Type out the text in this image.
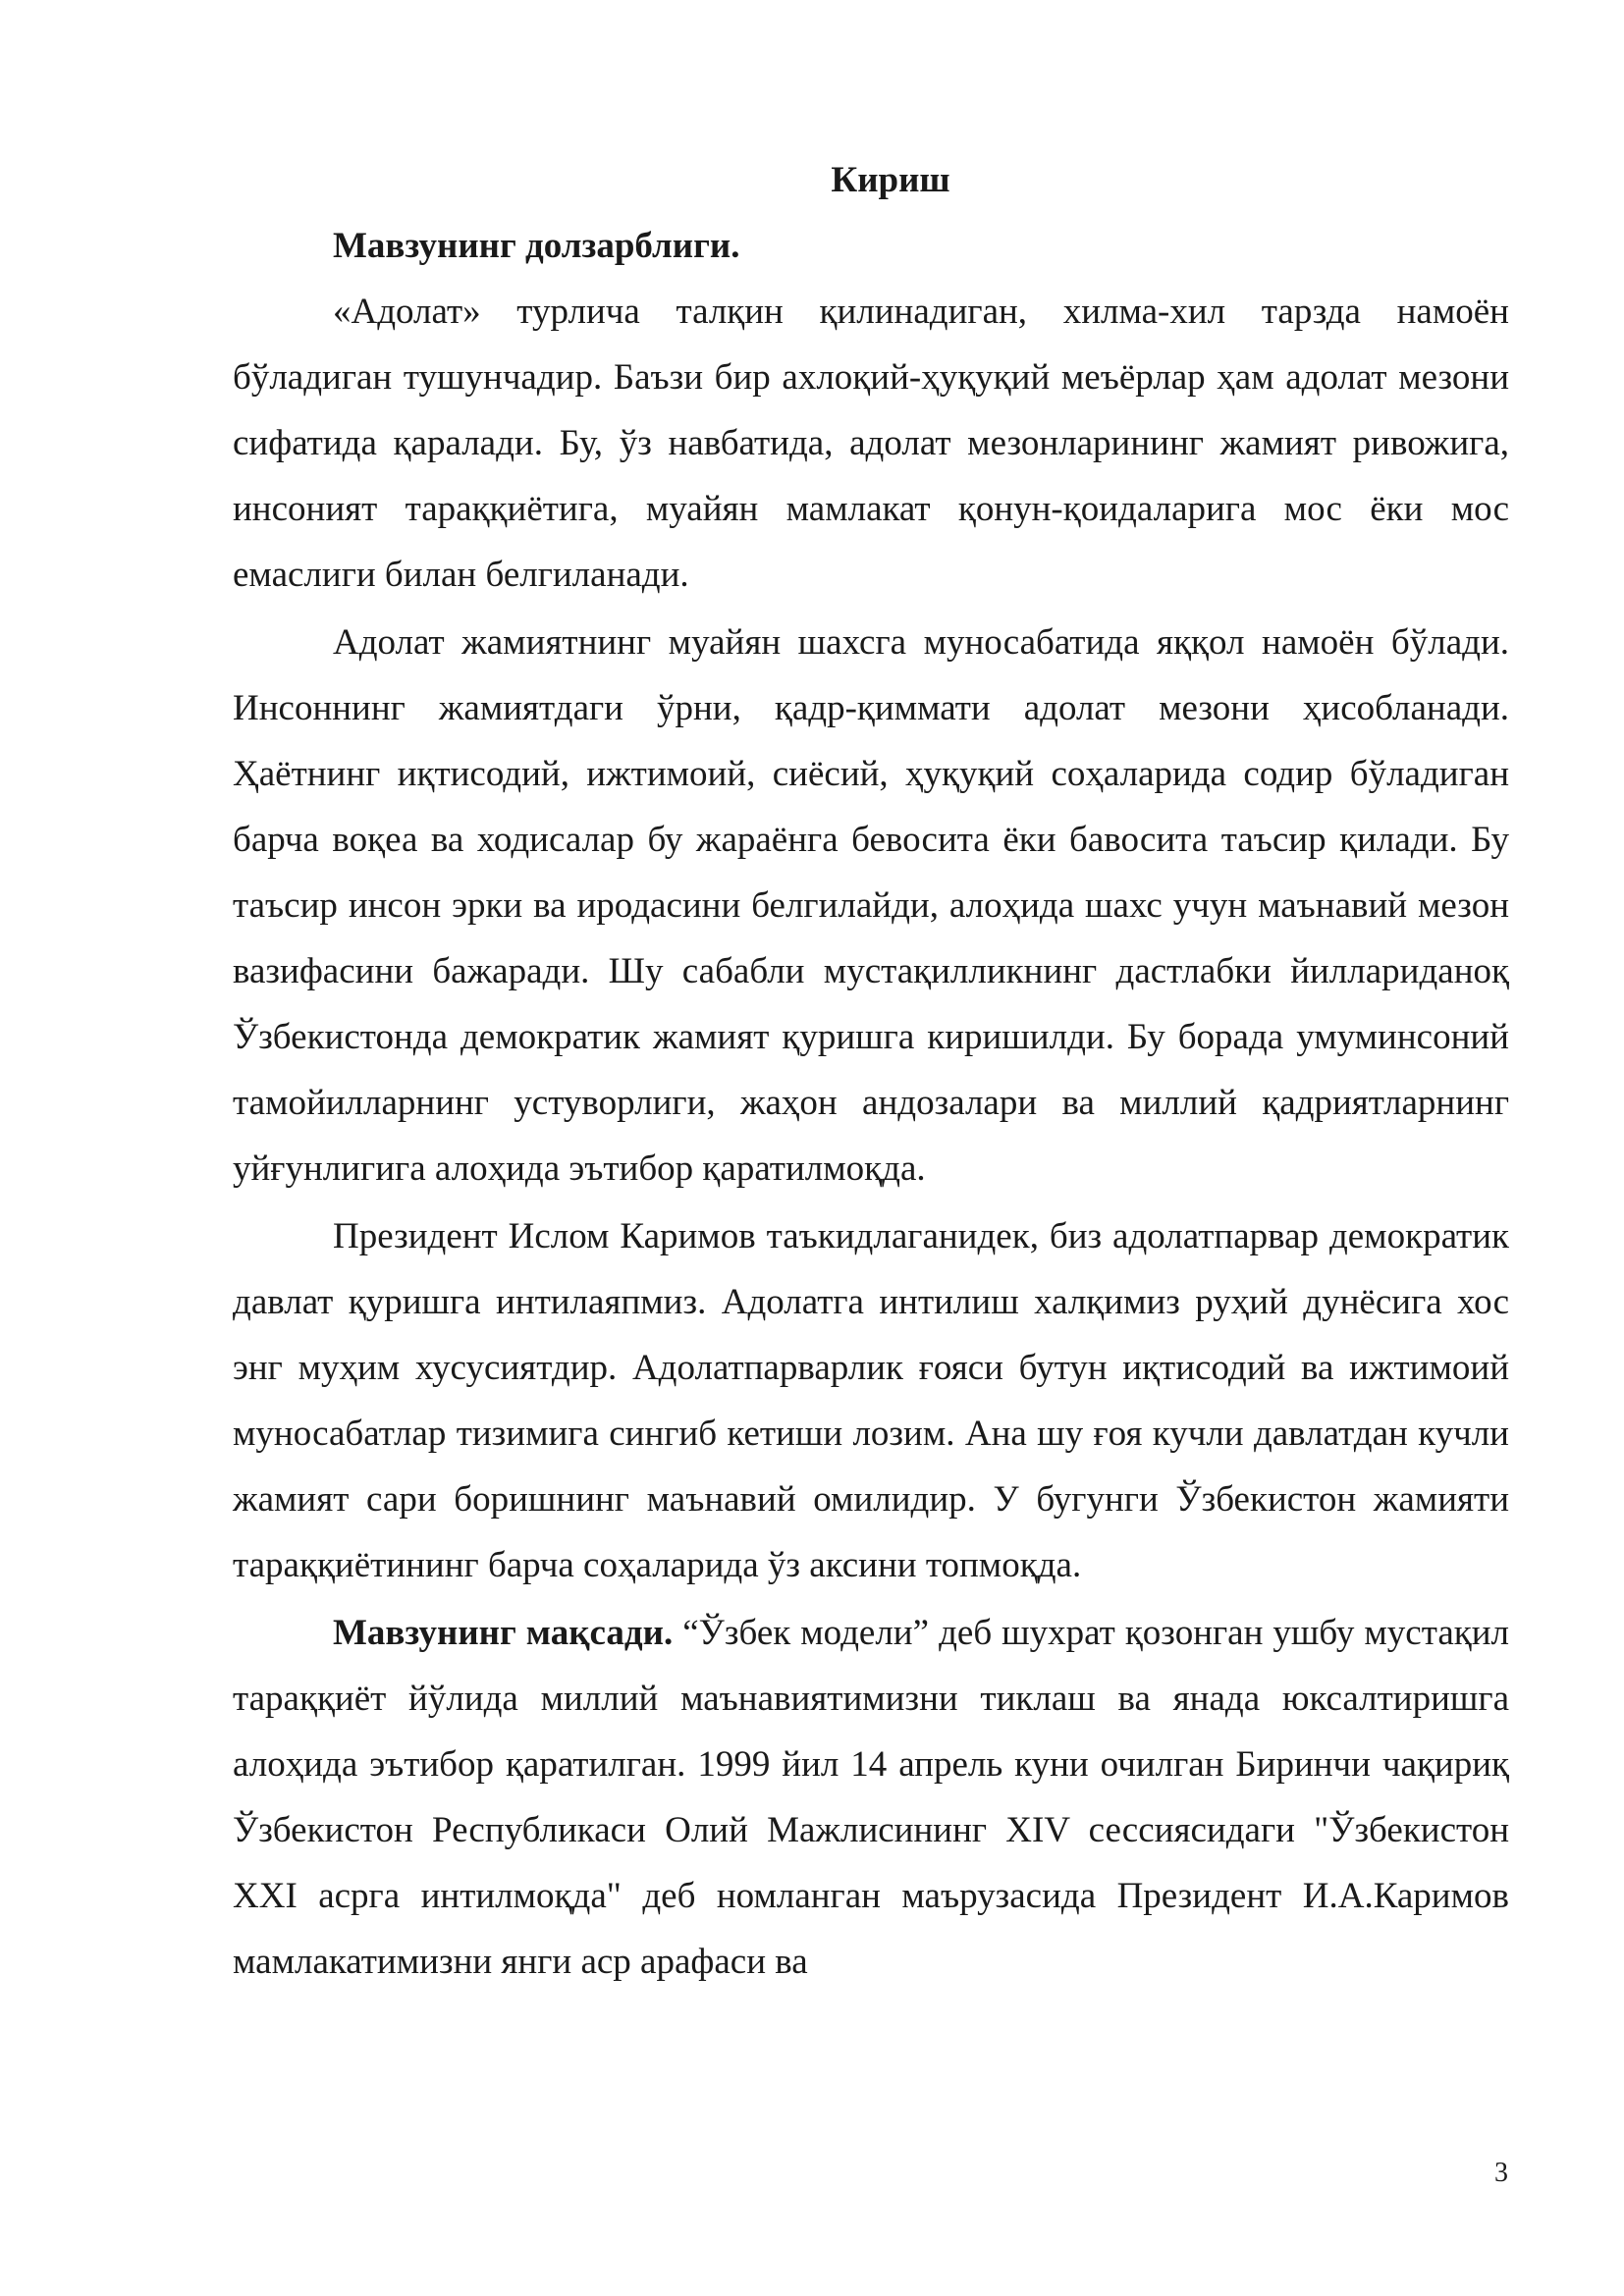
Кириш

Мавзунинг долзарблиги.

«Адолат» турлича талқин қилинадиган, хилма-хил тарзда намоён бўладиган тушунчадир. Баъзи бир ахлоқий-ҳуқуқий меъёрлар ҳам адолат мезони сифатида қаралади. Бу, ўз навбатида, адолат мезонларининг жамият ривожига, инсоният тараққиётига, муайян мамлакат қонун-қоидаларига мос ёки мос емаслиги билан белгиланади.

Адолат жамиятнинг муайян шахсга муносабатида яққол намоён бўлади. Инсоннинг жамиятдаги ўрни, қадр-қиммати адолат мезони ҳисобланади. Ҳаётнинг иқтисодий, ижтимоий, сиёсий, ҳуқуқий соҳаларида содир бўладиган барча воқеа ва ходисалар бу жараёнга бевосита ёки бавосита таъсир қилади. Бу таъсир инсон эрки ва иродасини белгилайди, алоҳида шахс учун маънавий мезон вазифасини бажаради. Шу сабабли мустақилликнинг дастлабки йиллариданоқ Ўзбекистонда демократик жамият қуришга киришилди. Бу борада умуминсоний тамойилларнинг устуворлиги, жаҳон андозалари ва миллий қадриятларнинг уйғунлигига алоҳида эътибор қаратилмоқда.

Президент Ислом Каримов таъкидлаганидек, биз адолатпарвар демократик давлат қуришга интилаяпмиз. Адолатга интилиш халқимиз руҳий дунёсига хос энг муҳим хусусиятдир. Адолатпарварлик ғояси бутун иқтисодий ва ижтимоий муносабатлар тизимига сингиб кетиши лозим. Ана шу ғоя кучли давлатдан кучли жамият сари боришнинг маънавий омилидир. У бугунги Ўзбекистон жамияти тараққиётининг барча соҳаларида ўз аксини топмоқда.

Мавзунинг мақсади. “Ўзбек модели” деб шухрат қозонган ушбу мустақил тараққиёт йўлида миллий маънавиятимизни тиклаш ва янада юксалтиришга алоҳида эътибор қаратилган. 1999 йил 14 апрель куни очилган Биринчи чақириқ Ўзбекистон Республикаси Олий Мажлисининг XIV сессиясидаги "Ўзбекистон XXI асрга интилмоқда" деб номланган маърузасида Президент И.А.Каримов мамлакатимизни янги аср арафаси ва

3
